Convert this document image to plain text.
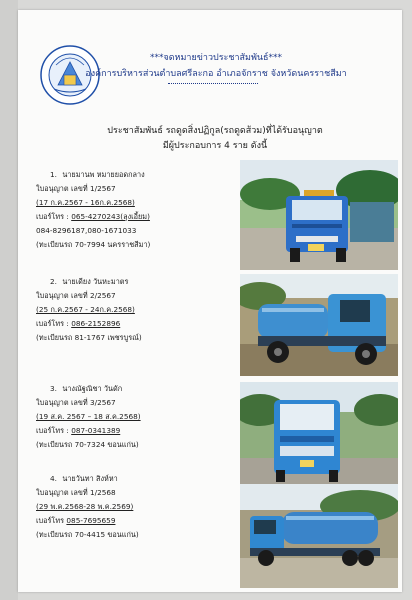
***จดหมายข่าวประชาสัมพันธ์***
องค์การบริหารส่วนตำบลศรีละกอ อำเภอจักราช จังหวัดนครราชสีมา
ประชาสัมพันธ์ รถดูดสิ่งปฏิกูล(รถดูดส้วม)ที่ได้รับอนุญาต
มีผู้ประกอบการ 4 ราย ดังนี้
1. นายมานพ หมายยอดกลาง
ใบอนุญาต เลขที่ 1/2567
(17 ก.ค.2567 - 16ก.ค.2568)
เบอร์โทร : 065-4270243(ลุงเอี้ยม)
084-8296187,080-1671033
(ทะเบียนรถ 70-7994 นครราชสีมา)
2. นายเดียง วันหะมาตร
ใบอนุญาต เลขที่ 2/2567
(25 ก.ค.2567 - 24ก.ค.2568)
เบอร์โทร : 086-2152896
(ทะเบียนรถ 81-1767 เพชรบูรณ์)
3. นางณัฐณิชา วันดัก
ใบอนุญาต เลขที่ 3/2567
(19 ส.ค. 2567 – 18 ส.ค.2568)
เบอร์โทร : 087-0341389
(ทะเบียนรถ 70-7324 ขอนแก่น)
4. นายวันทา สิงห์หา
ใบอนุญาต เลขที่ 1/2568
(29 พ.ค.2568-28 พ.ค.2569)
เบอร์โทร 085-7695659
(ทะเบียนรถ 70-4415 ขอนแก่น)
